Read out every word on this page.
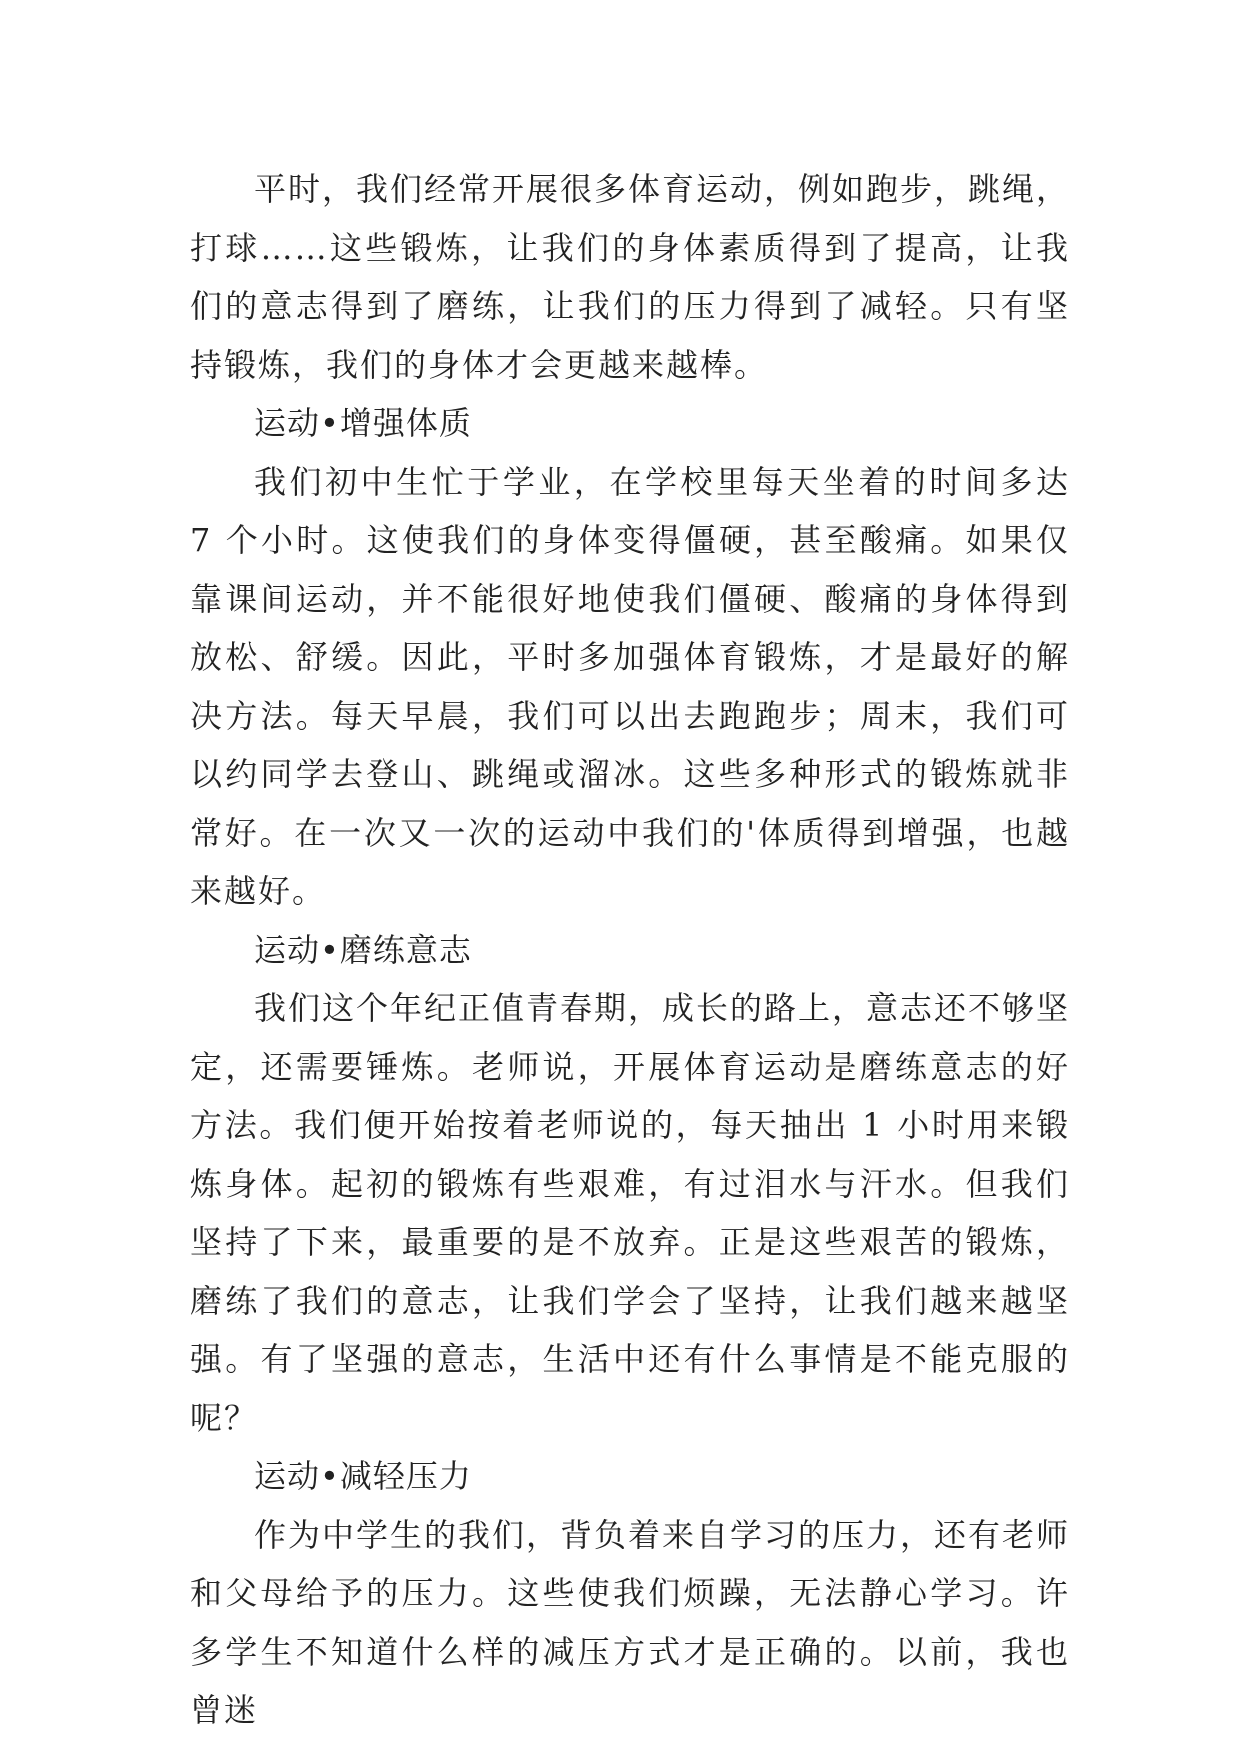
平时，我们经常开展很多体育运动，例如跑步，跳绳，打球……这些锻炼，让我们的身体素质得到了提高，让我们的意志得到了磨练，让我们的压力得到了减轻。只有坚持锻炼，我们的身体才会更越来越棒。

运动•增强体质

我们初中生忙于学业，在学校里每天坐着的时间多达 7 个小时。这使我们的身体变得僵硬，甚至酸痛。如果仅靠课间运动，并不能很好地使我们僵硬、酸痛的身体得到放松、舒缓。因此，平时多加强体育锻炼，才是最好的解决方法。每天早晨，我们可以出去跑跑步；周末，我们可以约同学去登山、跳绳或溜冰。这些多种形式的锻炼就非常好。在一次又一次的运动中我们的'体质得到增强，也越来越好。

运动•磨练意志

我们这个年纪正值青春期，成长的路上，意志还不够坚定，还需要锤炼。老师说，开展体育运动是磨练意志的好方法。我们便开始按着老师说的，每天抽出 1 小时用来锻炼身体。起初的锻炼有些艰难，有过泪水与汗水。但我们坚持了下来，最重要的是不放弃。正是这些艰苦的锻炼，磨练了我们的意志，让我们学会了坚持，让我们越来越坚强。有了坚强的意志，生活中还有什么事情是不能克服的呢？

运动•减轻压力

作为中学生的我们，背负着来自学习的压力，还有老师和父母给予的压力。这些使我们烦躁，无法静心学习。许多学生不知道什么样的减压方式才是正确的。以前，我也曾迷
